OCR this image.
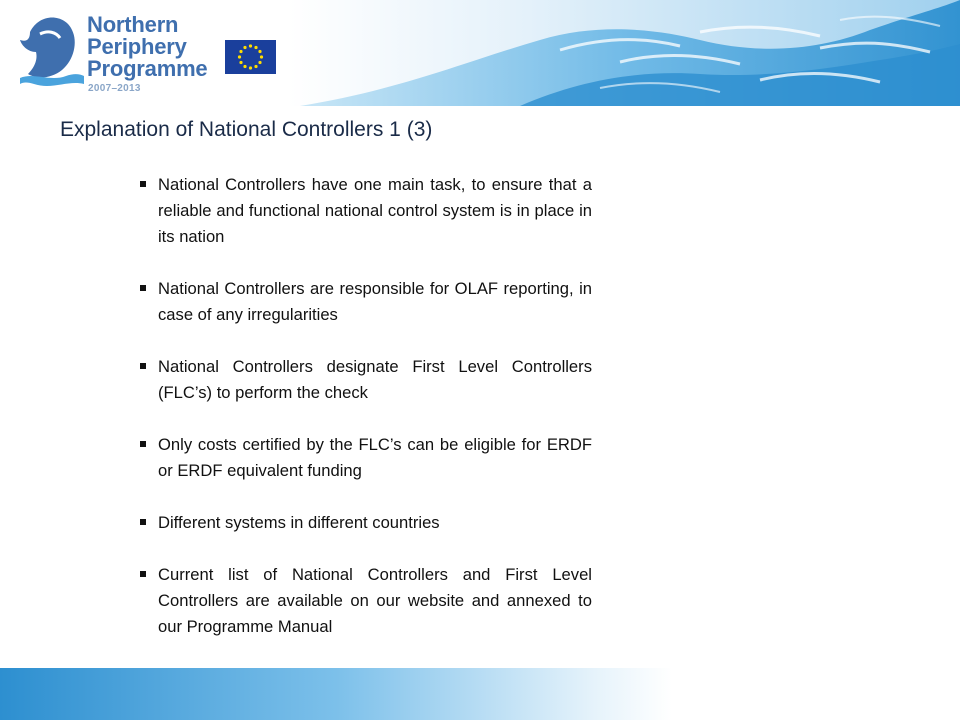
Northern
Periphery
Programme
2007–2013
Explanation of National Controllers 1 (3)
National Controllers have one main task, to ensure that a reliable and functional national control system is in place in its nation
National Controllers are responsible for OLAF reporting, in case of any irregularities
National Controllers designate First Level Controllers (FLC’s) to perform the check
Only costs certified by the FLC’s can be eligible for ERDF or ERDF equivalent funding
Different systems in different countries
Current list of National Controllers and First Level Controllers are available on our website and annexed to our Programme Manual
